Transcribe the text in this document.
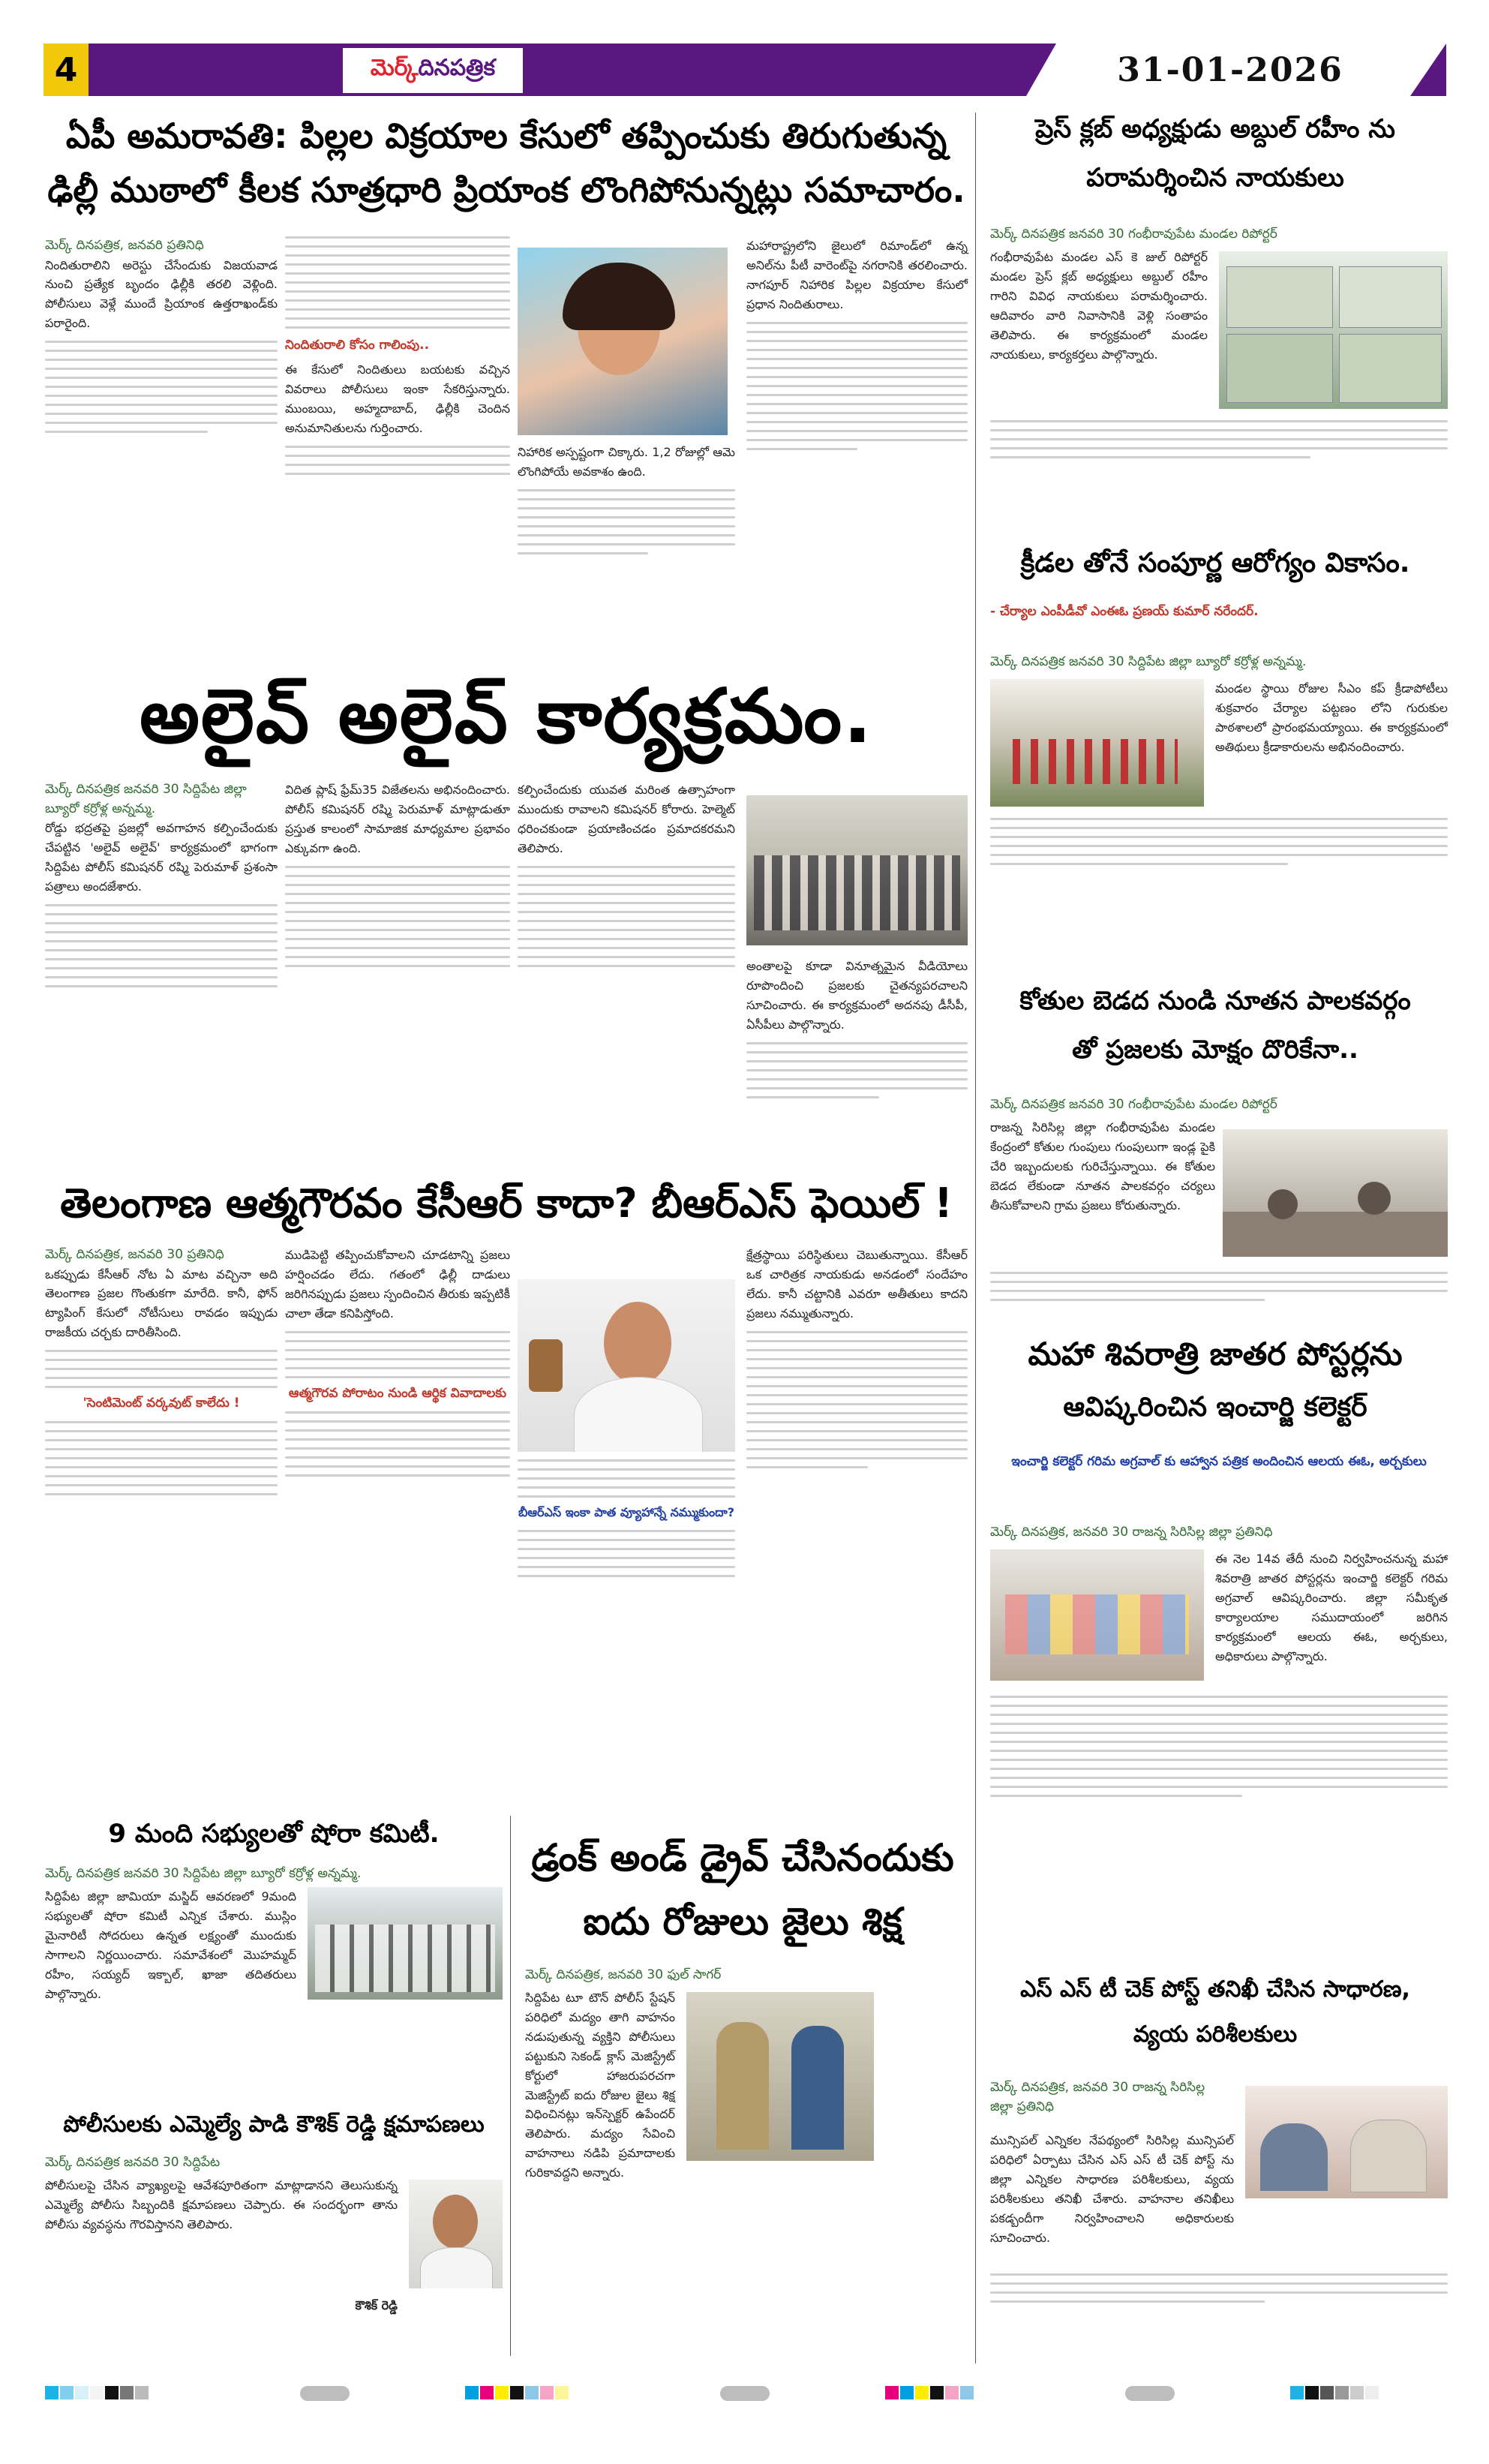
4	మెర్క్ దినపత్రిక	31-01-2026
ఏపీ అమరావతి: పిల్లల విక్రయాల కేసులో తప్పించుకు తిరుగుతున్న
ఢిల్లీ ముఠాలో కీలక సూత్రధారి ప్రియాంక లొంగిపోనున్నట్లు సమాచారం.
మెర్క్ దినపత్రిక, జనవరి ప్రతినిధి
నిందితురాలిని అరెస్టు చేసేందుకు విజయవాడ నుంచి ప్రత్యేక బృందం ఢిల్లీకి తరలి వెళ్లింది. పోలీసులు వెళ్లే ముందే ప్రియాంక ఉత్తరాఖండ్‌కు పరారైంది.
నిందితురాలి కోసం గాలింపు..
ఈ కేసులో నిందితులు బయటకు వచ్చిన వివరాలు పోలీసులు ఇంకా సేకరిస్తున్నారు. ముంబయి, అహ్మదాబాద్, ఢిల్లీకి చెందిన అనుమానితులను గుర్తించారు.
నిహారిక అస్పష్టంగా చిక్కారు. 1,2 రోజుల్లో ఆమె లొంగిపోయే అవకాశం ఉంది.
మహారాష్ట్రలోని జైలులో రిమాండ్‌లో ఉన్న అనిల్‌ను పీటీ వారెంట్‌పై నగరానికి తరలించారు. నాగపూర్ నిహారిక పిల్లల విక్రయాల కేసులో ప్రధాన నిందితురాలు.
అలైవ్ అలైవ్ కార్యక్రమం.
మెర్క్ దినపత్రిక జనవరి 30 సిద్దిపేట జిల్లా బ్యూరో కర్రోళ్ల అన్నమ్మ.
రోడ్డు భద్రతపై ప్రజల్లో అవగాహన కల్పించేందుకు చేపట్టిన 'అలైవ్ అలైవ్' కార్యక్రమంలో భాగంగా సిద్దిపేట పోలీస్ కమిషనర్ రష్మి పెరుమాళ్ ప్రశంసా పత్రాలు అందజేశారు.
విదిత ప్లాష్ ఫ్రేమ్35 విజేతలను అభినందించారు. పోలీస్ కమిషనర్ రష్మి పెరుమాళ్ మాట్లాడుతూ ప్రస్తుత కాలంలో సామాజిక మాధ్యమాల ప్రభావం ఎక్కువగా ఉంది.
కల్పించేందుకు యువత మరింత ఉత్సాహంగా ముందుకు రావాలని కమిషనర్ కోరారు. హెల్మెట్ ధరించకుండా ప్రయాణించడం ప్రమాదకరమని తెలిపారు.
అంతాలపై కూడా వినూత్నమైన వీడియోలు రూపొందించి ప్రజలకు చైతన్యపరచాలని సూచించారు. ఈ కార్యక్రమంలో అదనపు డీసీపీ, ఏసీపీలు పాల్గొన్నారు.
తెలంగాణ ఆత్మగౌరవం కేసీఆర్ కాదా? బీఆర్ఎస్ ఫెయిల్ !
మెర్క్ దినపత్రిక, జనవరి 30 ప్రతినిధి
ఒకప్పుడు కేసీఆర్ నోట ఏ మాట వచ్చినా అది తెలంగాణ ప్రజల గొంతుకగా మారేది. కానీ, ఫోన్ ట్యాపింగ్ కేసులో నోటీసులు రావడం ఇప్పుడు రాజకీయ చర్చకు దారితీసింది.
'సెంటిమెంట్ వర్కవుట్ కాలేదు !
ముడిపెట్టి తప్పించుకోవాలని చూడటాన్ని ప్రజలు హర్షించడం లేదు. గతంలో ఢిల్లీ దాడులు జరిగినప్పుడు ప్రజలు స్పందించిన తీరుకు ఇప్పటికీ చాలా తేడా కనిపిస్తోంది.
ఆత్మగౌరవ పోరాటం నుండి ఆర్థిక వివాదాలకు
బీఆర్ఎస్ ఇంకా పాత వ్యూహాన్నే నమ్ముకుందా?
క్షేత్రస్థాయి పరిస్థితులు చెబుతున్నాయి. కేసీఆర్ ఒక చారిత్రక నాయకుడు అనడంలో సందేహం లేదు. కానీ చట్టానికి ఎవరూ అతీతులు కాదని ప్రజలు నమ్ముతున్నారు.
9 మంది సభ్యులతో షోరా కమిటీ.
మెర్క్ దినపత్రిక జనవరి 30 సిద్దిపేట జిల్లా బ్యూరో కర్రోళ్ల అన్నమ్మ.
సిద్దిపేట జిల్లా జామియా మస్జిద్ ఆవరణలో 9మంది సభ్యులతో షోరా కమిటీ ఎన్నిక చేశారు. ముస్లిం మైనారిటీ సోదరులు ఉన్నత లక్ష్యంతో ముందుకు సాగాలని నిర్ణయించారు. సమావేశంలో మొహమ్మద్ రహీం, సయ్యద్ ఇక్బాల్, ఖాజా తదితరులు పాల్గొన్నారు.
పోలీసులకు ఎమ్మెల్యే పాడి కౌశిక్ రెడ్డి క్షమాపణలు
మెర్క్ దినపత్రిక జనవరి 30 సిద్దిపేట
పోలీసులపై చేసిన వ్యాఖ్యలపై ఆవేశపూరితంగా మాట్లాడానని తెలుసుకున్న ఎమ్మెల్యే పోలీసు సిబ్బందికి క్షమాపణలు చెప్పారు. ఈ సందర్భంగా తాను పోలీసు వ్యవస్థను గౌరవిస్తానని తెలిపారు.
కౌశిక్ రెడ్డి
డ్రంక్ అండ్ డ్రైవ్ చేసినందుకు
ఐదు రోజులు జైలు శిక్ష
మెర్క్ దినపత్రిక, జనవరి 30 ఫుల్ సాగర్
సిద్దిపేట టూ టౌన్ పోలీస్ స్టేషన్ పరిధిలో మద్యం తాగి వాహనం నడుపుతున్న వ్యక్తిని పోలీసులు పట్టుకుని సెకండ్ క్లాస్ మెజిస్ట్రేట్ కోర్టులో హాజరుపరచగా మెజిస్ట్రేట్ ఐదు రోజుల జైలు శిక్ష విధించినట్లు ఇన్‌స్పెక్టర్ ఉపేందర్ తెలిపారు. మద్యం సేవించి వాహనాలు నడిపి ప్రమాదాలకు గురికావద్దని అన్నారు.
ప్రెస్ క్లబ్ అధ్యక్షుడు అబ్దుల్ రహీం ను
పరామర్శించిన నాయకులు
మెర్క్ దినపత్రిక జనవరి 30 గంభీరావుపేట మండల రిపోర్టర్
గంభీరావుపేట మండల ఎస్ కె జుల్ రిపోర్టర్ మండల ప్రెస్ క్లబ్ అధ్యక్షులు అబ్దుల్ రహీం గారిని వివిధ నాయకులు పరామర్శించారు. ఆదివారం వారి నివాసానికి వెళ్లి సంతాపం తెలిపారు. ఈ కార్యక్రమంలో మండల నాయకులు, కార్యకర్తలు పాల్గొన్నారు.
క్రీడల తోనే సంపూర్ణ ఆరోగ్యం వికాసం.
- చేర్యాల ఎంపీడీవో ఎంఈఓ ప్రణయ్ కుమార్ నరేందర్.
మెర్క్ దినపత్రిక జనవరి 30 సిద్దిపేట జిల్లా బ్యూరో కర్రోళ్ల అన్నమ్మ.
మండల స్థాయి రోజుల సీఎం కప్ క్రీడాపోటీలు శుక్రవారం చేర్యాల పట్టణం లోని గురుకుల పాఠశాలలో ప్రారంభమయ్యాయి. ఈ కార్యక్రమంలో అతిథులు క్రీడాకారులను అభినందించారు.
కోతుల బెడద నుండి నూతన పాలకవర్గం
తో ప్రజలకు మోక్షం దొరికేనా..
మెర్క్ దినపత్రిక జనవరి 30 గంభీరావుపేట మండల రిపోర్టర్
రాజన్న సిరిసిల్ల జిల్లా గంభీరావుపేట మండల కేంద్రంలో కోతుల గుంపులు గుంపులుగా ఇండ్ల పైకి చేరి ఇబ్బందులకు గురిచేస్తున్నాయి. ఈ కోతుల బెడద లేకుండా నూతన పాలకవర్గం చర్యలు తీసుకోవాలని గ్రామ ప్రజలు కోరుతున్నారు.
మహా శివరాత్రి జాతర పోస్టర్లను
ఆవిష్కరించిన ఇంచార్జి కలెక్టర్
ఇంచార్జి కలెక్టర్ గరిమ అగ్రవాల్ కు ఆహ్వాన పత్రిక అందించిన ఆలయ ఈఓ, అర్చకులు
మెర్క్ దినపత్రిక, జనవరి 30 రాజన్న సిరిసిల్ల జిల్లా ప్రతినిధి
ఈ నెల 14వ తేదీ నుంచి నిర్వహించనున్న మహా శివరాత్రి జాతర పోస్టర్లను ఇంచార్జి కలెక్టర్ గరిమ అగ్రవాల్ ఆవిష్కరించారు. జిల్లా సమీకృత కార్యాలయాల సముదాయంలో జరిగిన కార్యక్రమంలో ఆలయ ఈఓ, అర్చకులు, అధికారులు పాల్గొన్నారు.
ఎస్ ఎస్ టీ చెక్ పోస్ట్ తనిఖీ చేసిన సాధారణ,
వ్యయ పరిశీలకులు
మెర్క్ దినపత్రిక, జనవరి 30 రాజన్న సిరిసిల్ల జిల్లా ప్రతినిధి
మున్సిపల్ ఎన్నికల నేపథ్యంలో సిరిసిల్ల మున్సిపల్ పరిధిలో ఏర్పాటు చేసిన ఎస్ ఎస్ టీ చెక్ పోస్ట్ ను జిల్లా ఎన్నికల సాధారణ పరిశీలకులు, వ్యయ పరిశీలకులు తనిఖీ చేశారు. వాహనాల తనిఖీలు పకడ్బందీగా నిర్వహించాలని అధికారులకు సూచించారు.
